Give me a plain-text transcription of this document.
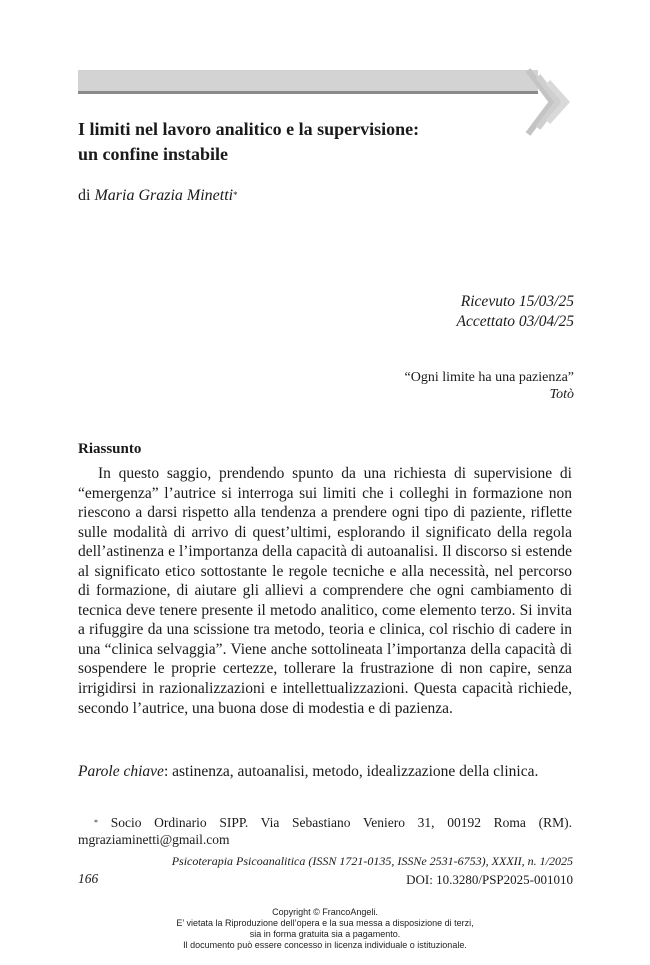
I limiti nel lavoro analitico e la supervisione:
un confine instabile
di Maria Grazia Minetti*
Ricevuto 15/03/25
Accettato 03/04/25
“Ogni limite ha una pazienza”
Totò
Riassunto

In questo saggio, prendendo spunto da una richiesta di supervisione di “emergenza” l’autrice si interroga sui limiti che i colleghi in formazione non riescono a darsi rispetto alla tendenza a prendere ogni tipo di paziente, riflette sulle modalità di arrivo di quest’ultimi, esplorando il significato della regola dell’astinenza e l’importanza della capacità di autoanalisi. Il discorso si estende al significato etico sottostante le regole tecniche e alla necessità, nel percorso di formazione, di aiutare gli allievi a comprendere che ogni cambiamento di tecnica deve tenere presente il metodo analitico, come elemento terzo. Si invita a rifuggire da una scissione tra metodo, teoria e clinica, col rischio di cadere in una “clinica selvaggia”. Viene anche sottolineata l’importanza della capacità di sospendere le proprie certezze, tollerare la frustrazione di non capire, senza irrigidirsi in razionalizzazioni e intellettualizzazioni. Questa capacità richiede, secondo l’autrice, una buona dose di modestia e di pazienza.

Parole chiave: astinenza, autoanalisi, metodo, idealizzazione della clinica.

* Socio Ordinario SIPP. Via Sebastiano Veniero 31, 00192 Roma (RM). mgraziaminetti@gmail.com

Psicoterapia Psicoanalitica (ISSN 1721-0135, ISSNe 2531-6753), XXXII, n. 1/2025
166	DOI: 10.3280/PSP2025-001010
Copyright © FrancoAngeli.
E’ vietata la Riproduzione dell’opera e la sua messa a disposizione di terzi,
sia in forma gratuita sia a pagamento.
Il documento può essere concesso in licenza individuale o istituzionale.
